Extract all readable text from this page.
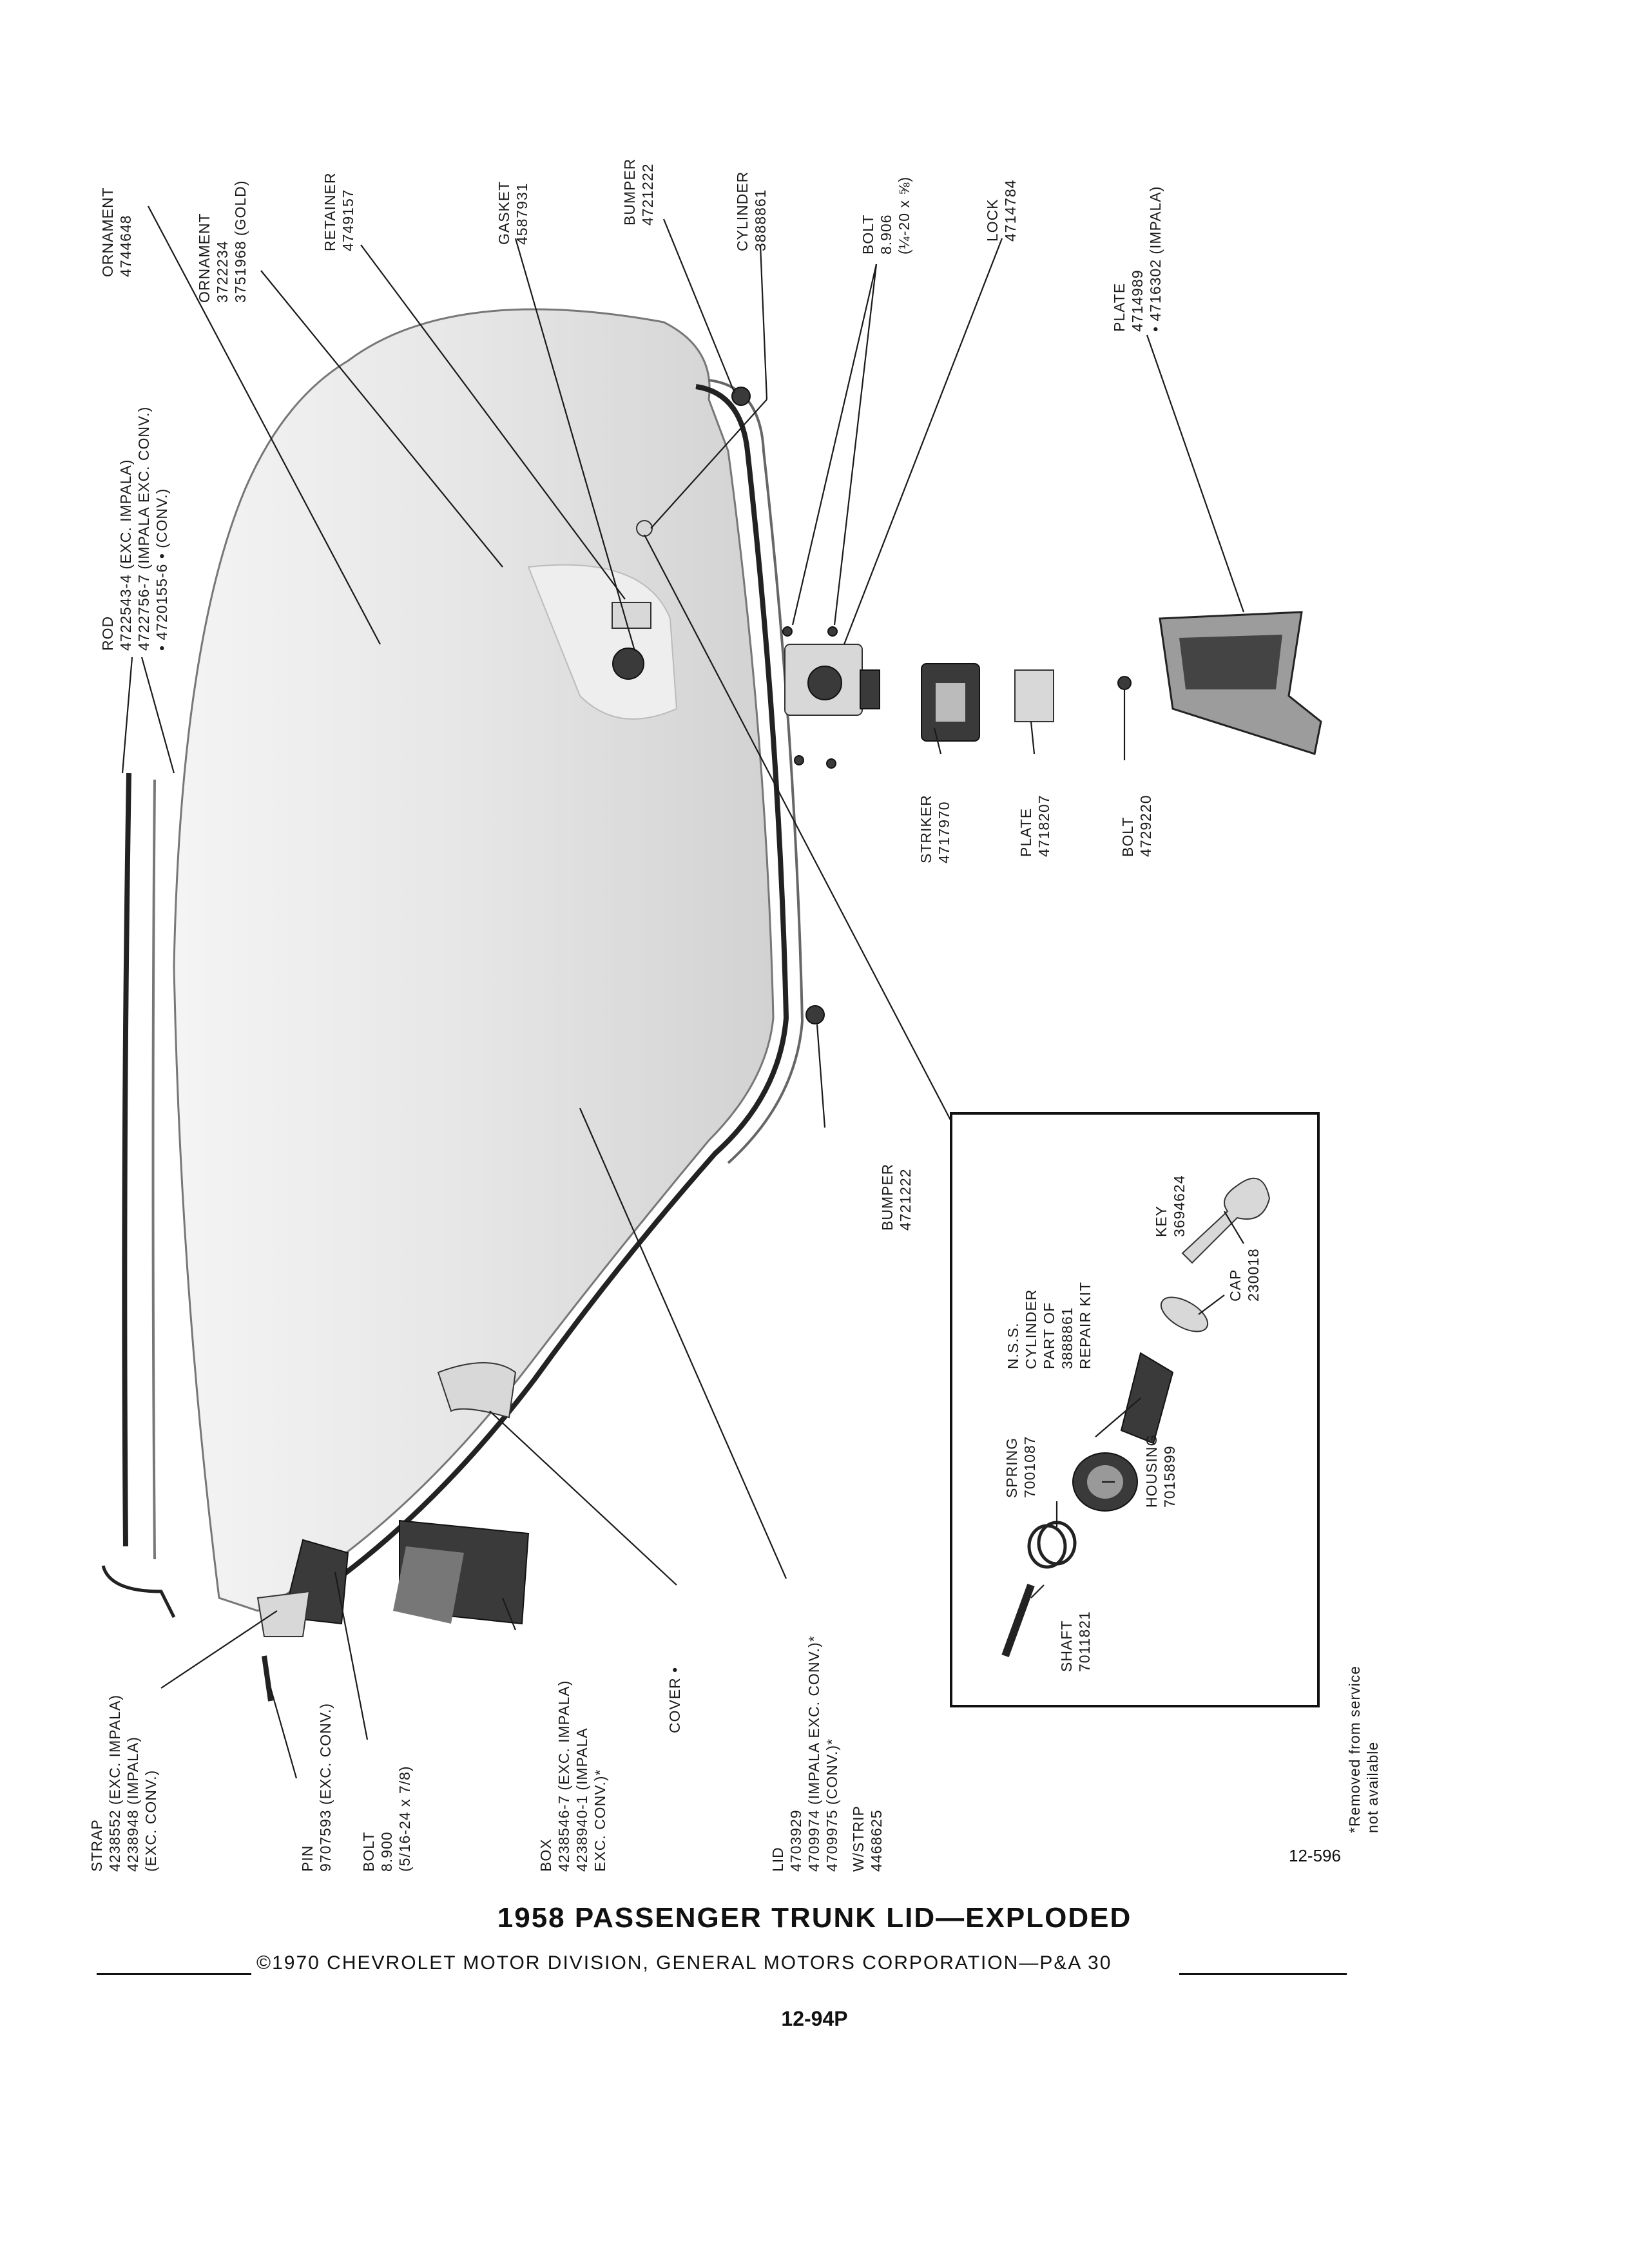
ORNAMENT 4744648
ROD 4722543-4 (EXC. IMPALA) 4722756-7 (IMPALA EXC. CONV.) • 4720155-6 • (CONV.)
ORNAMENT 3722234 3751968 (GOLD)	RETAINER 4749157	GASKET 4587931	BUMPER 4721222	CYLINDER 3888861	BOLT 8.906 (¼-20 x ⅝)	LOCK 4714784
PLATE 4714989 • 4716302 (IMPALA)
STRIKER 4717970	PLATE 4718207	BOLT 4729220
BUMPER 4721222	KEY 3694624
CAP 230018
N.S.S. CYLINDER PART OF 3888861 REPAIR KIT
SPRING 7001087	HOUSING 7015899
SHAFT 7011821
STRAP 4238552 (EXC. IMPALA) 4238948 (IMPALA) (EXC. CONV.)	PIN 9707593 (EXC. CONV.) BOLT 8.900 (5/16-24 x 7/8)	BOX 4238546-7 (EXC. IMPALA) 4238940-1 (IMPALA EXC. CONV.)*
COVER •
LID 4703929 4709974 (IMPALA EXC. CONV.)* 4709975 (CONV.)* W/STRIP 4468625
*Removed from service not available
12-596
1958 PASSENGER TRUNK LID—EXPLODED
©1970 CHEVROLET MOTOR DIVISION, GENERAL MOTORS CORPORATION—P&A 30
12-94P
